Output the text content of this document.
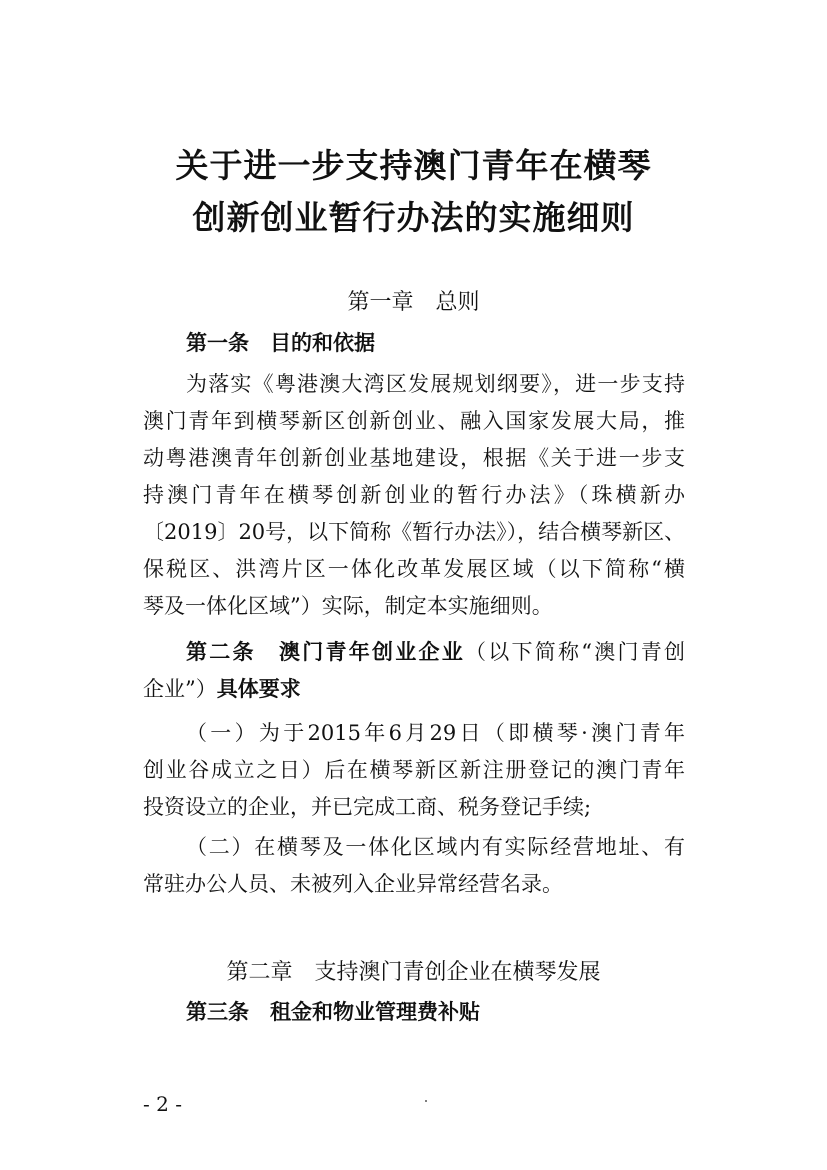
关于进一步支持澳门青年在横琴
创新创业暂行办法的实施细则
第一章　总则
第一条　目的和依据
为落实《粤港澳大湾区发展规划纲要》，进一步支持
澳门青年到横琴新区创新创业、融入国家发展大局，推
动粤港澳青年创新创业基地建设，根据《关于进一步支
持澳门青年在横琴创新创业的暂行办法》（珠横新办
〔2019〕20号，以下简称《暂行办法》），结合横琴新区、
保税区、洪湾片区一体化改革发展区域（以下简称“横
琴及一体化区域”）实际，制定本实施细则。
第二条　澳门青年创业企业（以下简称“澳门青创
企业”）具体要求
（一）为于2015年6月29日（即横琴·澳门青年
创业谷成立之日）后在横琴新区新注册登记的澳门青年
投资设立的企业，并已完成工商、税务登记手续;
（二）在横琴及一体化区域内有实际经营地址、有
常驻办公人员、未被列入企业异常经营名录。
第二章　支持澳门青创企业在横琴发展
第三条　租金和物业管理费补贴
- 2 -
